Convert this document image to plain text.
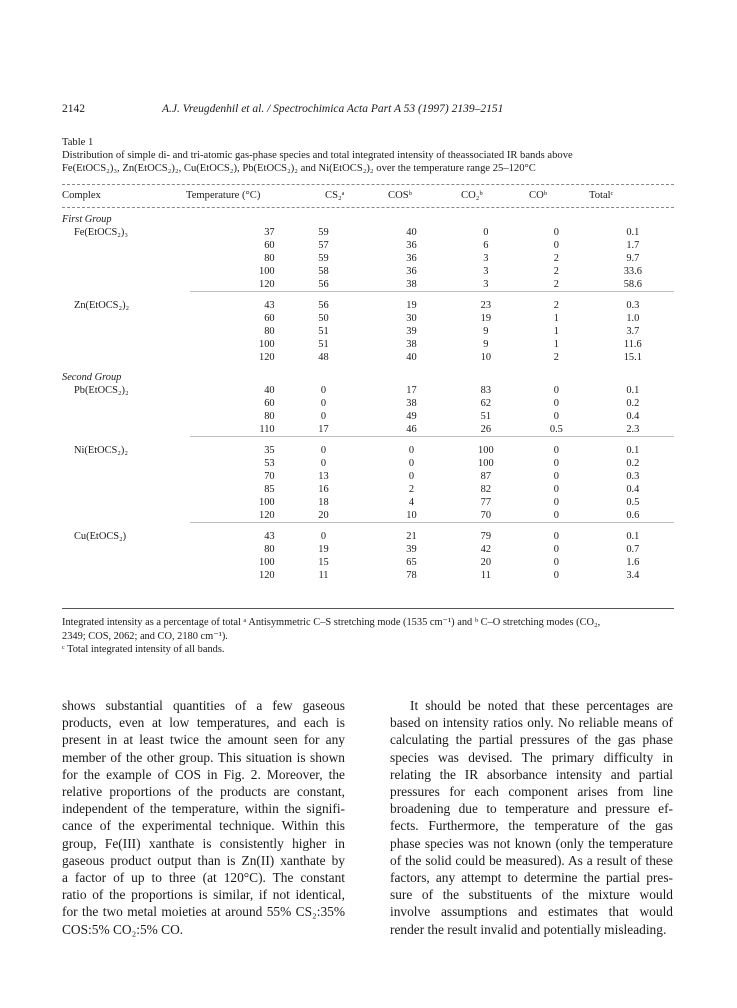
2142	A.J. Vreugdenhil et al. / Spectrochimica Acta Part A 53 (1997) 2139–2151
Table 1
Distribution of simple di- and tri-atomic gas-phase species and total integrated intensity of theassociated IR bands above
Fe(EtOCS₂)₃, Zn(EtOCS₂)₂, Cu(EtOCS₂), Pb(EtOCS₂)₂ and Ni(EtOCS₂)₂ over the temperature range 25–120°C
Complex	Temperature (°C)	CS₂ᵃ	COSᵇ	CO₂ᵇ	COᵇ	Totalᶜ
First Group						
Fe(EtOCS₂)₃	37	59	40	0	0	0.1
	60	57	36	6	0	1.7
	80	59	36	3	2	9.7
	100	58	36	3	2	33.6
	120	56	38	3	2	58.6

Zn(EtOCS₂)₂	43	56	19	23	2	0.3
	60	50	30	19	1	1.0
	80	51	39	9	1	3.7
	100	51	38	9	1	11.6
	120	48	40	10	2	15.1

Second Group						
Pb(EtOCS₂)₂	40	0	17	83	0	0.1
	60	0	38	62	0	0.2
	80	0	49	51	0	0.4
	110	17	46	26	0.5	2.3

Ni(EtOCS₂)₂	35	0	0	100	0	0.1
	53	0	0	100	0	0.2
	70	13	0	87	0	0.3
	85	16	2	82	0	0.4
	100	18	4	77	0	0.5
	120	20	10	70	0	0.6

Cu(EtOCS₂)	43	0	21	79	0	0.1
	80	19	39	42	0	0.7
	100	15	65	20	0	1.6
	120	11	78	11	0	3.4
Integrated intensity as a percentage of total ᵃ Antisymmetric C–S stretching mode (1535 cm⁻¹) and ᵇ C–O stretching modes (CO₂,
2349; COS, 2062; and CO, 2180 cm⁻¹).
ᶜ Total integrated intensity of all bands.
shows substantial quantities of a few gaseous
products, even at low temperatures, and each is
present in at least twice the amount seen for any
member of the other group. This situation is shown
for the example of COS in Fig. 2. Moreover, the
relative proportions of the products are constant,
independent of the temperature, within the signifi-
cance of the experimental technique. Within this
group, Fe(III) xanthate is consistently higher in
gaseous product output than is Zn(II) xanthate by
a factor of up to three (at 120°C). The constant
ratio of the proportions is similar, if not identical,
for the two metal moieties at around 55% CS₂:35%
COS:5% CO₂:5% CO.
It should be noted that these percentages are
based on intensity ratios only. No reliable means of
calculating the partial pressures of the gas phase
species was devised. The primary difficulty in
relating the IR absorbance intensity and partial
pressures for each component arises from line
broadening due to temperature and pressure ef-
fects. Furthermore, the temperature of the gas
phase species was not known (only the temperature
of the solid could be measured). As a result of these
factors, any attempt to determine the partial pres-
sure of the substituents of the mixture would
involve assumptions and estimates that would
render the result invalid and potentially misleading.
